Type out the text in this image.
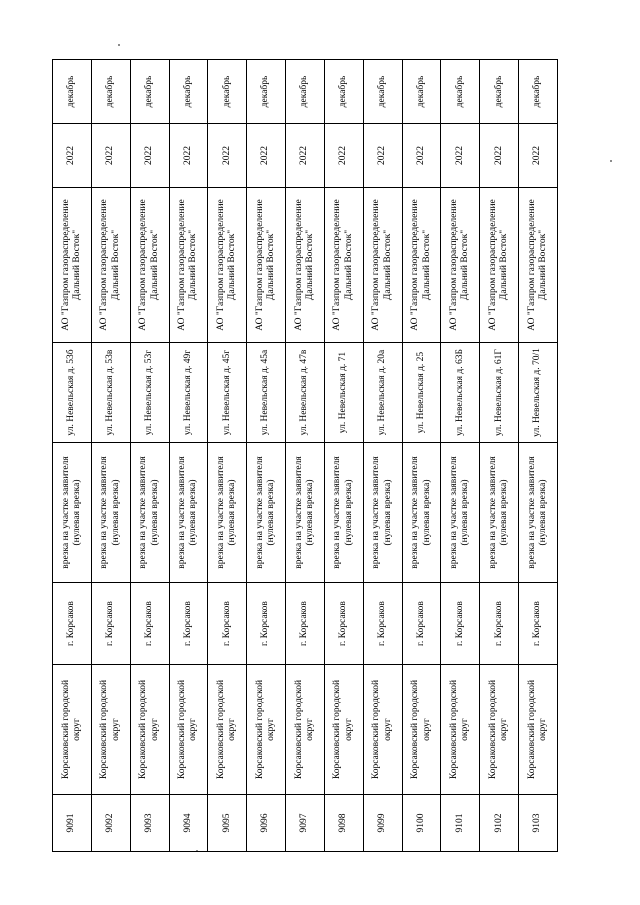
9091	Корсаковский городской округ	г. Корсаков	врезка на участке заявителя (нулевая врезка)	ул. Невельская д. 53б	АО "Газпром газораспределение Дальний Восток"	2022	декабрь
9092	Корсаковский городской округ	г. Корсаков	врезка на участке заявителя (нулевая врезка)	ул. Невельская д. 53в	АО "Газпром газораспределение Дальний Восток"	2022	декабрь
9093	Корсаковский городской округ	г. Корсаков	врезка на участке заявителя (нулевая врезка)	ул. Невельская д. 53г	АО "Газпром газораспределение Дальний Восток"	2022	декабрь
9094	Корсаковский городской округ	г. Корсаков	врезка на участке заявителя (нулевая врезка)	ул. Невельская д. 49г	АО "Газпром газораспределение Дальний Восток"	2022	декабрь
9095	Корсаковский городской округ	г. Корсаков	врезка на участке заявителя (нулевая врезка)	ул. Невельская д. 45г	АО "Газпром газораспределение Дальний Восток"	2022	декабрь
9096	Корсаковский городской округ	г. Корсаков	врезка на участке заявителя (нулевая врезка)	ул. Невельская д. 45а	АО "Газпром газораспределение Дальний Восток"	2022	декабрь
9097	Корсаковский городской округ	г. Корсаков	врезка на участке заявителя (нулевая врезка)	ул. Невельская д. 47в	АО "Газпром газораспределение Дальний Восток"	2022	декабрь
9098	Корсаковский городской округ	г. Корсаков	врезка на участке заявителя (нулевая врезка)	ул. Невельская д. 71	АО "Газпром газораспределение Дальний Восток"	2022	декабрь
9099	Корсаковский городской округ	г. Корсаков	врезка на участке заявителя (нулевая врезка)	ул. Невельская д. 20а	АО "Газпром газораспределение Дальний Восток"	2022	декабрь
9100	Корсаковский городской округ	г. Корсаков	врезка на участке заявителя (нулевая врезка)	ул. Невельская д. 25	АО "Газпром газораспределение Дальний Восток"	2022	декабрь
9101	Корсаковский городской округ	г. Корсаков	врезка на участке заявителя (нулевая врезка)	ул. Невельская д. 63Б	АО "Газпром газораспределение Дальний Восток"	2022	декабрь
9102	Корсаковский городской округ	г. Корсаков	врезка на участке заявителя (нулевая врезка)	ул. Невельская д. 61Г	АО "Газпром газораспределение Дальний Восток"	2022	декабрь
9103	Корсаковский городской округ	г. Корсаков	врезка на участке заявителя (нулевая врезка)	ул. Невельская д. 70/1	АО "Газпром газораспределение Дальний Восток"	2022	декабрь
